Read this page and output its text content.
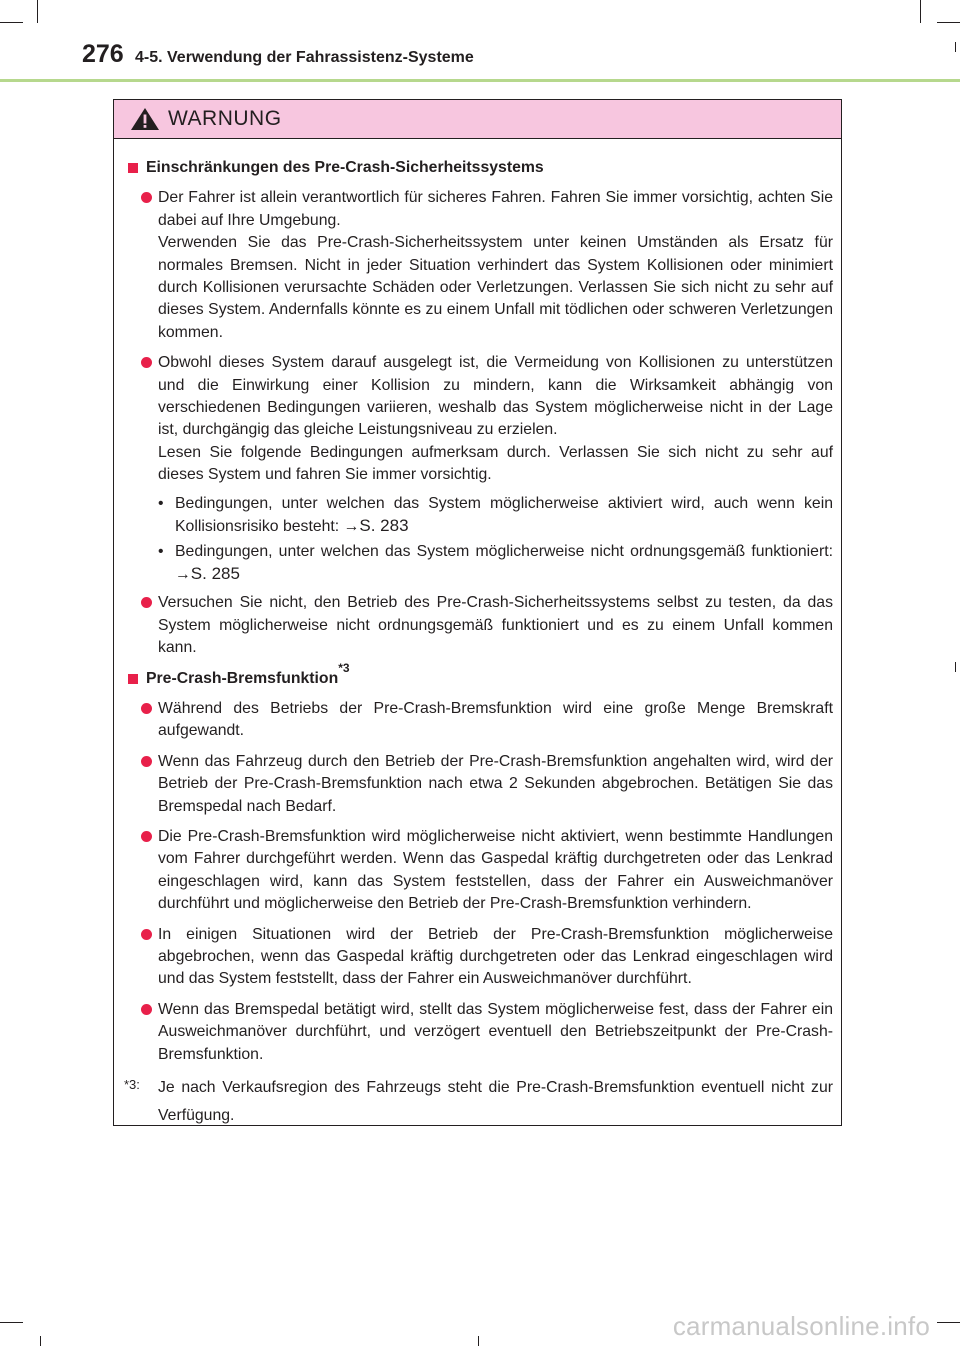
276 4-5. Verwendung der Fahrassistenz-Systeme
WARNUNG
Einschränkungen des Pre-Crash-Sicherheitssystems

Der Fahrer ist allein verantwortlich für sicheres Fahren. Fahren Sie immer vorsichtig, achten Sie dabei auf Ihre Umgebung.

Verwenden Sie das Pre-Crash-Sicherheitssystem unter keinen Umständen als Ersatz für normales Bremsen. Nicht in jeder Situation verhindert das System Kollisionen oder minimiert durch Kollisionen verursachte Schäden oder Verletzungen. Verlassen Sie sich nicht zu sehr auf dieses System. Andernfalls könnte es zu einem Unfall mit tödlichen oder schweren Verletzungen kommen.

Obwohl dieses System darauf ausgelegt ist, die Vermeidung von Kollisionen zu unterstützen und die Einwirkung einer Kollision zu mindern, kann die Wirksamkeit abhängig von verschiedenen Bedingungen variieren, weshalb das System möglicherweise nicht in der Lage ist, durchgängig das gleiche Leistungsniveau zu erzielen.

Lesen Sie folgende Bedingungen aufmerksam durch. Verlassen Sie sich nicht zu sehr auf dieses System und fahren Sie immer vorsichtig.

• Bedingungen, unter welchen das System möglicherweise aktiviert wird, auch wenn kein Kollisionsrisiko besteht: →S. 283
• Bedingungen, unter welchen das System möglicherweise nicht ordnungsgemäß funktioniert: →S. 285

Versuchen Sie nicht, den Betrieb des Pre-Crash-Sicherheitssystems selbst zu testen, da das System möglicherweise nicht ordnungsgemäß funktioniert und es zu einem Unfall kommen kann.

Pre-Crash-Bremsfunktion
*3

Während des Betriebs der Pre-Crash-Bremsfunktion wird eine große Menge Bremskraft aufgewandt.

Wenn das Fahrzeug durch den Betrieb der Pre-Crash-Bremsfunktion angehalten wird, wird der Betrieb der Pre-Crash-Bremsfunktion nach etwa 2 Sekunden abgebrochen. Betätigen Sie das Bremspedal nach Bedarf.

Die Pre-Crash-Bremsfunktion wird möglicherweise nicht aktiviert, wenn bestimmte Handlungen vom Fahrer durchgeführt werden. Wenn das Gaspedal kräftig durchgetreten oder das Lenkrad eingeschlagen wird, kann das System feststellen, dass der Fahrer ein Ausweichmanöver durchführt und möglicherweise den Betrieb der Pre-Crash-Bremsfunktion verhindern.

In einigen Situationen wird der Betrieb der Pre-Crash-Bremsfunktion möglicherweise abgebrochen, wenn das Gaspedal kräftig durchgetreten oder das Lenkrad eingeschlagen wird und das System feststellt, dass der Fahrer ein Ausweichmanöver durchführt.

Wenn das Bremspedal betätigt wird, stellt das System möglicherweise fest, dass der Fahrer ein Ausweichmanöver durchführt, und verzögert eventuell den Betriebszeitpunkt der Pre-Crash-Bremsfunktion.

*3:	Je nach Verkaufsregion des Fahrzeugs steht die Pre-Crash-Bremsfunktion eventuell nicht zur Verfügung.
carmanualsonline.info
